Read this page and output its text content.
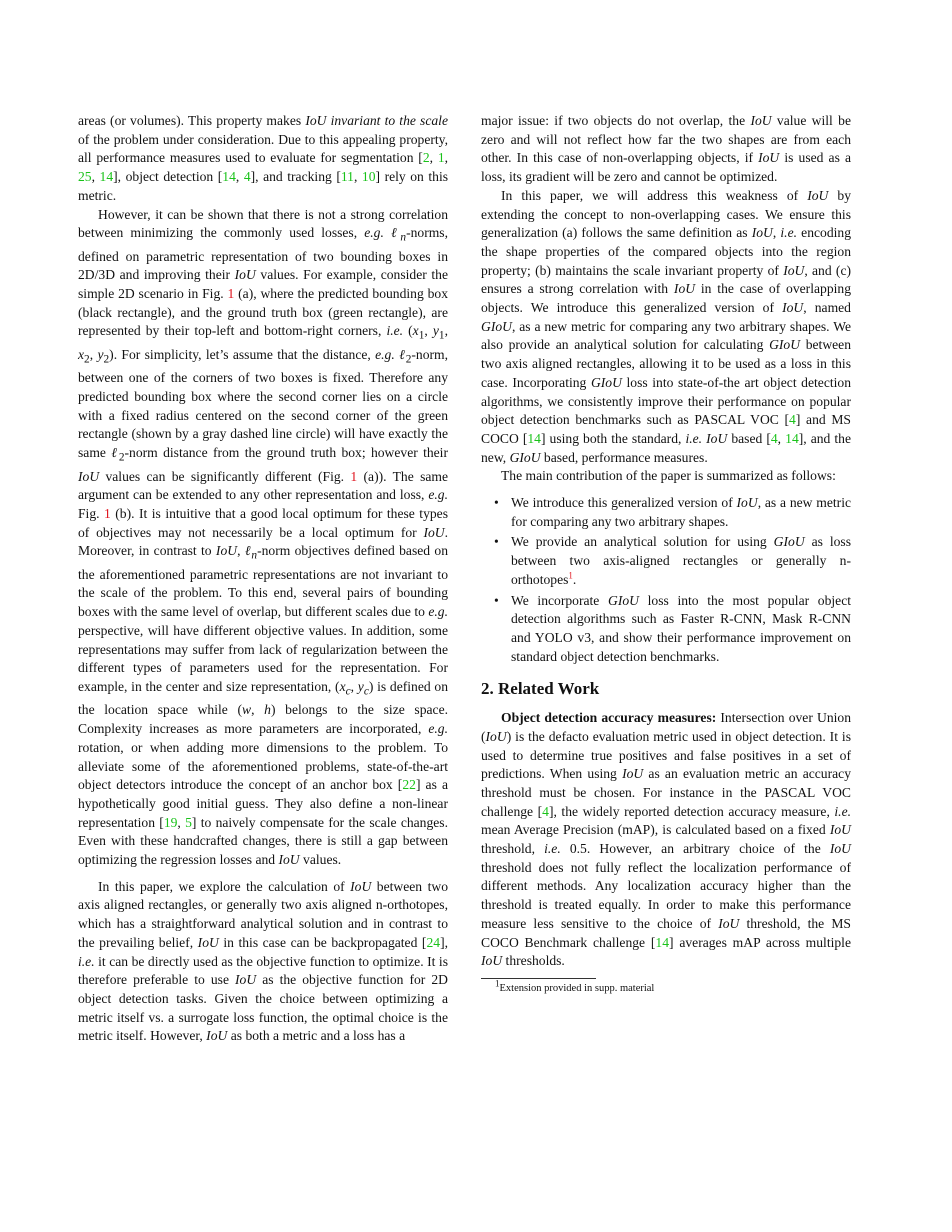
areas (or volumes). This property makes IoU invariant to the scale of the problem under consideration. Due to this appealing property, all performance measures used to evaluate for segmentation [2, 1, 25, 14], object detection [14, 4], and tracking [11, 10] rely on this metric.

However, it can be shown that there is not a strong correlation between minimizing the commonly used losses, e.g. ℓ$_n$-norms, defined on parametric representation of two bounding boxes in 2D/3D and improving their IoU values. For example, consider the simple 2D scenario in Fig. 1 (a), where the predicted bounding box (black rectangle), and the ground truth box (green rectangle), are represented by their top-left and bottom-right corners, i.e. ($x_1$, $y_1$, $x_2$, $y_2$). For simplicity, let’s assume that the distance, e.g. ℓ$_2$-norm, between one of the corners of two boxes is fixed. Therefore any predicted bounding box where the second corner lies on a circle with a fixed radius centered on the second corner of the green rectangle (shown by a gray dashed line circle) will have exactly the same ℓ$_2$-norm distance from the ground truth box; however their IoU values can be significantly different (Fig. 1 (a)). The same argument can be extended to any other representation and loss, e.g. Fig. 1 (b). It is intuitive that a good local optimum for these types of objectives may not necessarily be a local optimum for IoU. Moreover, in contrast to IoU, ℓ$_n$-norm objectives defined based on the aforementioned parametric representations are not invariant to the scale of the problem. To this end, several pairs of bounding boxes with the same level of overlap, but different scales due to e.g. perspective, will have different objective values. In addition, some representations may suffer from lack of regularization between the different types of parameters used for the representation. For example, in the center and size representation, ($x_c$, $y_c$) is defined on the location space while (w, h) belongs to the size space. Complexity increases as more parameters are incorporated, e.g. rotation, or when adding more dimensions to the problem. To alleviate some of the aforementioned problems, state-of-the-art object detectors introduce the concept of an anchor box [22] as a hypothetically good initial guess. They also define a non-linear representation [19, 5] to naively compensate for the scale changes. Even with these handcrafted changes, there is still a gap between optimizing the regression losses and IoU values.

In this paper, we explore the calculation of IoU between two axis aligned rectangles, or generally two axis aligned n-orthotopes, which has a straightforward analytical solution and in contrast to the prevailing belief, IoU in this case can be backpropagated [24], i.e. it can be directly used as the objective function to optimize. It is therefore preferable to use IoU as the objective function for 2D object detection tasks. Given the choice between optimizing a metric itself vs. a surrogate loss function, the optimal choice is the metric itself. However, IoU as both a metric and a loss has a

major issue: if two objects do not overlap, the IoU value will be zero and will not reflect how far the two shapes are from each other. In this case of non-overlapping objects, if IoU is used as a loss, its gradient will be zero and cannot be optimized.

In this paper, we will address this weakness of IoU by extending the concept to non-overlapping cases. We ensure this generalization (a) follows the same definition as IoU, i.e. encoding the shape properties of the compared objects into the region property; (b) maintains the scale invariant property of IoU, and (c) ensures a strong correlation with IoU in the case of overlapping objects. We introduce this generalized version of IoU, named GIoU, as a new metric for comparing any two arbitrary shapes. We also provide an analytical solution for calculating GIoU between two axis aligned rectangles, allowing it to be used as a loss in this case. Incorporating GIoU loss into state-of-the art object detection algorithms, we consistently improve their performance on popular object detection benchmarks such as PASCAL VOC [4] and MS COCO [14] using both the standard, i.e. IoU based [4, 14], and the new, GIoU based, performance measures.

The main contribution of the paper is summarized as follows:

• We introduce this generalized version of IoU, as a new metric for comparing any two arbitrary shapes.
• We provide an analytical solution for using GIoU as loss between two axis-aligned rectangles or generally n-orthotopes$^1$.
• We incorporate GIoU loss into the most popular object detection algorithms such as Faster R-CNN, Mask R-CNN and YOLO v3, and show their performance improvement on standard object detection benchmarks.
2. Related Work

Object detection accuracy measures: Intersection over Union (IoU) is the defacto evaluation metric used in object detection. It is used to determine true positives and false positives in a set of predictions. When using IoU as an evaluation metric an accuracy threshold must be chosen. For instance in the PASCAL VOC challenge [4], the widely reported detection accuracy measure, i.e. mean Average Precision (mAP), is calculated based on a fixed IoU threshold, i.e. 0.5. However, an arbitrary choice of the IoU threshold does not fully reflect the localization performance of different methods. Any localization accuracy higher than the threshold is treated equally. In order to make this performance measure less sensitive to the choice of IoU threshold, the MS COCO Benchmark challenge [14] averages mAP across multiple IoU thresholds.

$^1$Extension provided in supp. material
